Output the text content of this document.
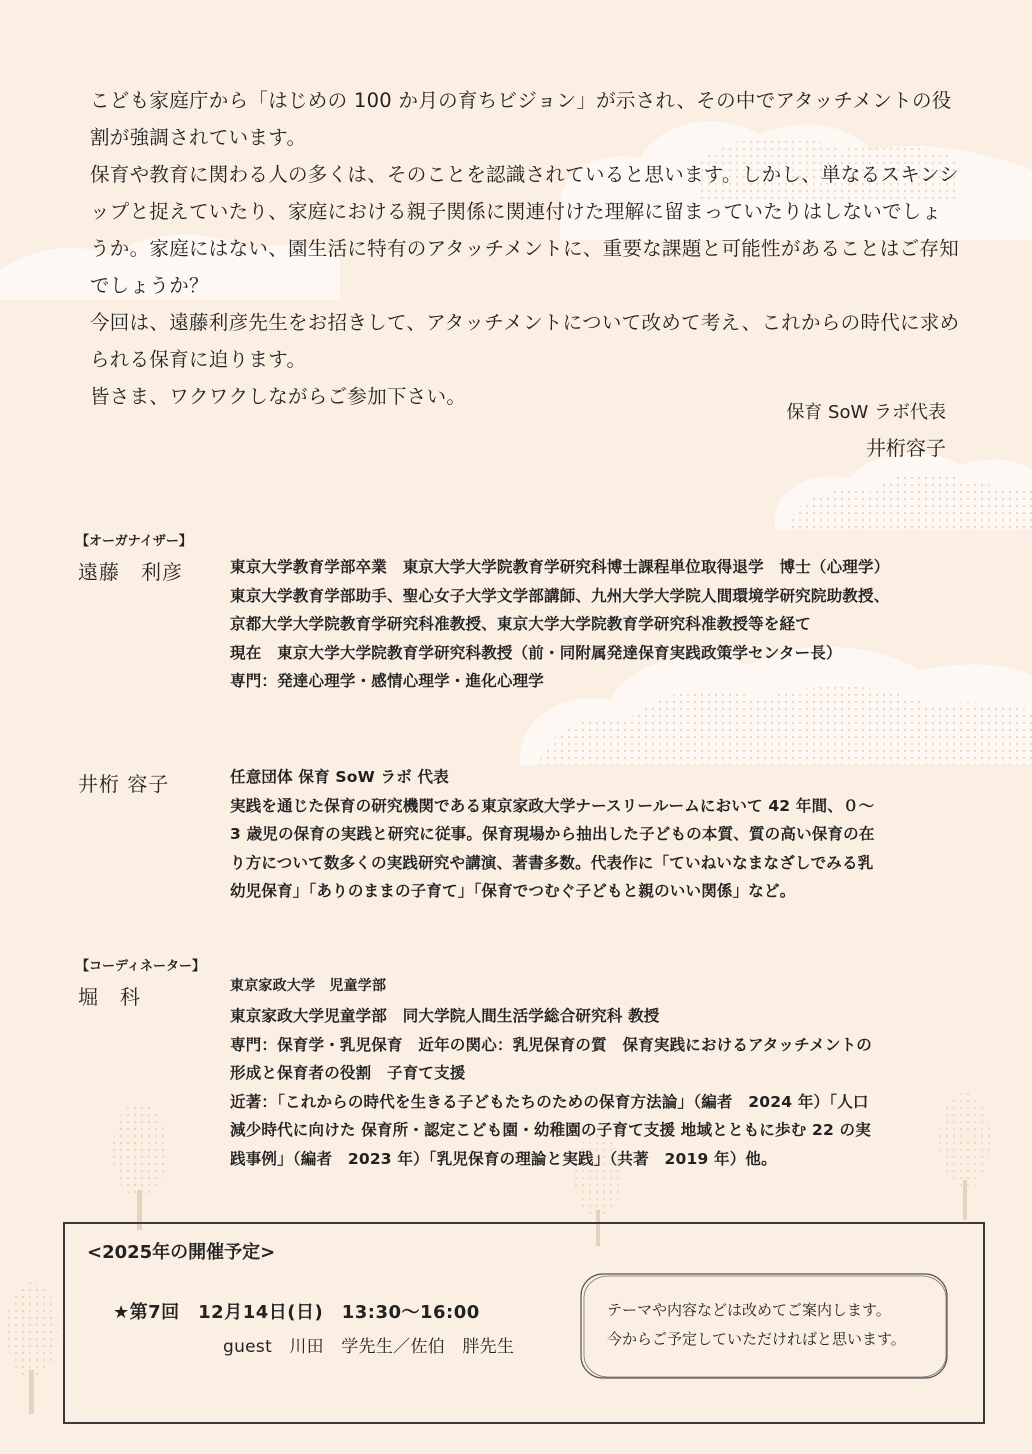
こども家庭庁から「はじめの 100 か月の育ちビジョン」が示され、その中でアタッチメントの役割が強調されています。

保育や教育に関わる人の多くは、そのことを認識されていると思います。しかし、単なるスキンシップと捉えていたり、家庭における親子関係に関連付けた理解に留まっていたりはしないでしょうか。家庭にはない、園生活に特有のアタッチメントに、重要な課題と可能性があることはご存知でしょうか？

今回は、遠藤利彦先生をお招きして、アタッチメントについて改めて考え、これからの時代に求められる保育に迫ります。

皆さま、ワクワクしながらご参加下さい。

保育 SoW ラボ代表
井桁容子
【オーガナイザー】
遠藤　利彦	東京大学教育学部卒業　東京大学大学院教育学研究科博士課程単位取得退学　博士（心理学）

東京大学教育学部助手、聖心女子大学文学部講師、九州大学大学院人間環境学研究院助教授、

京都大学大学院教育学研究科准教授、東京大学大学院教育学研究科准教授等を経て

現在　東京大学大学院教育学研究科教授（前・同附属発達保育実践政策学センター長）

専門：発達心理学・感情心理学・進化心理学

井桁 容子	任意団体 保育 SoW ラボ 代表

実践を通じた保育の研究機関である東京家政大学ナースリールームにおいて 42 年間、０～

3 歳児の保育の実践と研究に従事。保育現場から抽出した子どもの本質、質の高い保育の在

り方について数多くの実践研究や講演、著書多数。代表作に「ていねいなまなざしでみる乳

幼児保育」「ありのままの子育て」「保育でつむぐ子どもと親のいい関係」など。

【コーディネーター】
堀　科	東京家政大学　児童学部

東京家政大学児童学部　同大学院人間生活学総合研究科 教授

専門：保育学・乳児保育　近年の関心：乳児保育の質　保育実践におけるアタッチメントの

形成と保育者の役割　子育て支援

近著：「これからの時代を生きる子どもたちのための保育方法論」（編者　2024 年）「人口

減少時代に向けた 保育所・認定こども園・幼稚園の子育て支援 地域とともに歩む 22 の実

践事例」（編者　2023 年）「乳児保育の理論と実践」（共著　2019 年）他。

<2025年の開催予定>
★第7回　12月14日(日)　13:30～16:00
guest　川田　学先生／佐伯　胖先生

テーマや内容などは改めてご案内します。

今からご予定していただければと思います。
